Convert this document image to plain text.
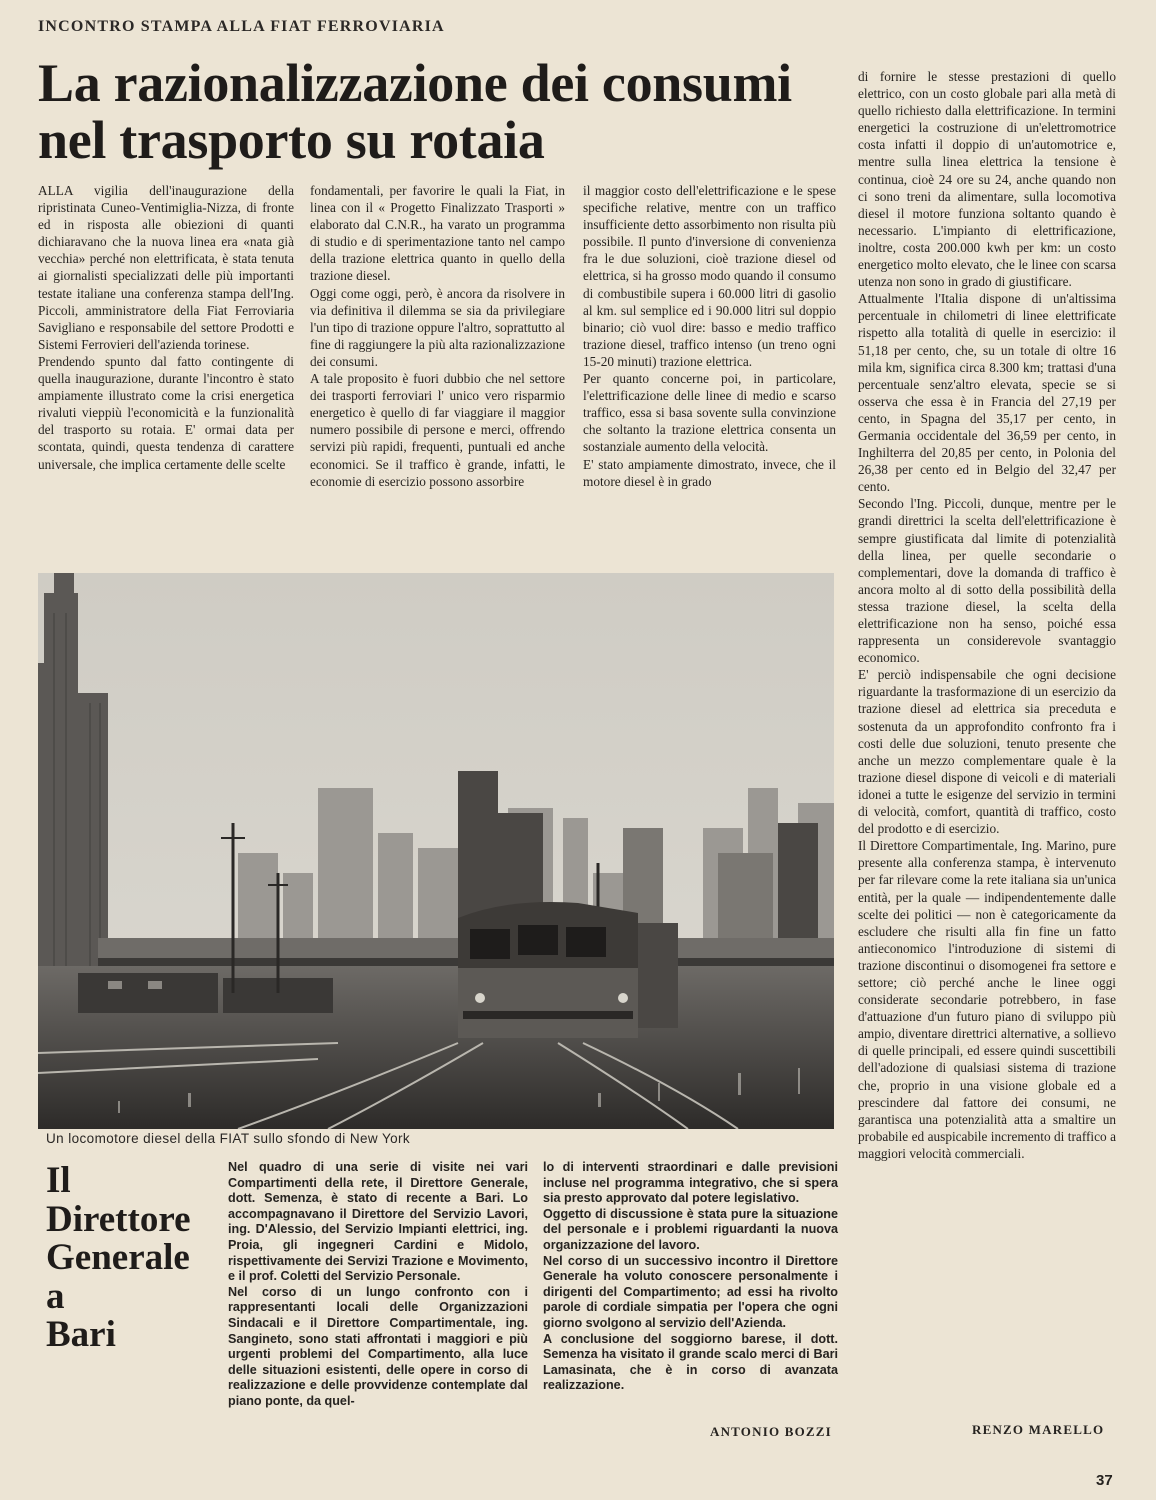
INCONTRO STAMPA ALLA FIAT FERROVIARIA
La razionalizzazione dei consumi nel trasporto su rotaia

ALLA vigilia dell'inaugurazione della ripristinata Cuneo-Ventimiglia-Nizza, di fronte ed in risposta alle obiezioni di quanti dichiaravano che la nuova linea era «nata già vecchia» perché non elettrificata, è stata tenuta ai giornalisti specializzati delle più importanti testate italiane una conferenza stampa dell'Ing. Piccoli, amministratore della Fiat Ferroviaria Savigliano e responsabile del settore Prodotti e Sistemi Ferrovieri dell'azienda torinese.

Prendendo spunto dal fatto contingente di quella inaugurazione, durante l'incontro è stato ampiamente illustrato come la crisi energetica rivaluti vieppiù l'economicità e la funzionalità del trasporto su rotaia. E' ormai data per scontata, quindi, questa tendenza di carattere universale, che implica certamente delle scelte

fondamentali, per favorire le quali la Fiat, in linea con il « Progetto Finalizzato Trasporti » elaborato dal C.N.R., ha varato un programma di studio e di sperimentazione tanto nel campo della trazione elettrica quanto in quello della trazione diesel.

Oggi come oggi, però, è ancora da risolvere in via definitiva il dilemma se sia da privilegiare l'un tipo di trazione oppure l'altro, soprattutto al fine di raggiungere la più alta razionalizzazione dei consumi.

A tale proposito è fuori dubbio che nel settore dei trasporti ferroviari l' unico vero risparmio energetico è quello di far viaggiare il maggior numero possibile di persone e merci, offrendo servizi più rapidi, frequenti, puntuali ed anche economici. Se il traffico è grande, infatti, le economie di esercizio possono assorbire

il maggior costo dell'elettrificazione e le spese specifiche relative, mentre con un traffico insufficiente detto assorbimento non risulta più possibile. Il punto d'inversione di convenienza fra le due soluzioni, cioè trazione diesel od elettrica, si ha grosso modo quando il consumo di combustibile supera i 60.000 litri di gasolio al km. sul semplice ed i 90.000 litri sul doppio binario; ciò vuol dire: basso e medio traffico trazione diesel, traffico intenso (un treno ogni 15-20 minuti) trazione elettrica.

Per quanto concerne poi, in particolare, l'elettrificazione delle linee di medio e scarso traffico, essa si basa sovente sulla convinzione che soltanto la trazione elettrica consenta un sostanziale aumento della velocità.

E' stato ampiamente dimostrato, invece, che il motore diesel è in grado

di fornire le stesse prestazioni di quello elettrico, con un costo globale pari alla metà di quello richiesto dalla elettrificazione. In termini energetici la costruzione di un'elettromotrice costa infatti il doppio di un'automotrice e, mentre sulla linea elettrica la tensione è continua, cioè 24 ore su 24, anche quando non ci sono treni da alimentare, sulla locomotiva diesel il motore funziona soltanto quando è necessario. L'impianto di elettrificazione, inoltre, costa 200.000 kwh per km: un costo energetico molto elevato, che le linee con scarsa utenza non sono in grado di giustificare.

Attualmente l'Italia dispone di un'altissima percentuale in chilometri di linee elettrificate rispetto alla totalità di quelle in esercizio: il 51,18 per cento, che, su un totale di oltre 16 mila km, significa circa 8.300 km; trattasi d'una percentuale senz'altro elevata, specie se si osserva che essa è in Francia del 27,19 per cento, in Spagna del 35,17 per cento, in Germania occidentale del 36,59 per cento, in Inghilterra del 20,85 per cento, in Polonia del 26,38 per cento ed in Belgio del 32,47 per cento.

Secondo l'Ing. Piccoli, dunque, mentre per le grandi direttrici la scelta dell'elettrificazione è sempre giustificata dal limite di potenzialità della linea, per quelle secondarie o complementari, dove la domanda di traffico è ancora molto al di sotto della possibilità della stessa trazione diesel, la scelta della elettrificazione non ha senso, poiché essa rappresenta un considerevole svantaggio economico.

E' perciò indispensabile che ogni decisione riguardante la trasformazione di un esercizio da trazione diesel ad elettrica sia preceduta e sostenuta da un approfondito confronto fra i costi delle due soluzioni, tenuto presente che anche un mezzo complementare quale è la trazione diesel dispone di veicoli e di materiali idonei a tutte le esigenze del servizio in termini di velocità, comfort, quantità di traffico, costo del prodotto e di esercizio.

Il Direttore Compartimentale, Ing. Marino, pure presente alla conferenza stampa, è intervenuto per far rilevare come la rete italiana sia un'unica entità, per la quale — indipendentemente dalle scelte dei politici — non è categoricamente da escludere che risulti alla fin fine un fatto antieconomico l'introduzione di sistemi di trazione discontinui o disomogenei fra settore e settore; ciò perché anche le linee oggi considerate secondarie potrebbero, in fase d'attuazione d'un futuro piano di sviluppo più ampio, diventare direttrici alternative, a sollievo di quelle principali, ed essere quindi suscettibili dell'adozione di qualsiasi sistema di trazione che, proprio in una visione globale ed a prescindere dal fattore dei consumi, ne garantisca una potenzialità atta a smaltire un probabile ed auspicabile incremento di traffico a maggiori velocità commerciali.

Un locomotore diesel della FIAT sullo sfondo di New York
Il
Direttore
Generale
a
Bari

Nel quadro di una serie di visite nei vari Compartimenti della rete, il Direttore Generale, dott. Semenza, è stato di recente a Bari. Lo accompagnavano il Direttore del Servizio Lavori, ing. D'Alessio, del Servizio Impianti elettrici, ing. Proia, gli ingegneri Cardini e Midolo, rispettivamente dei Servizi Trazione e Movimento, e il prof. Coletti del Servizio Personale.

Nel corso di un lungo confronto con i rappresentanti locali delle Organizzazioni Sindacali e il Direttore Compartimentale, ing. Sangineto, sono stati affrontati i maggiori e più urgenti problemi del Compartimento, alla luce delle situazioni esistenti, delle opere in corso di realizzazione e delle provvidenze contemplate dal piano ponte, da quel-

lo di interventi straordinari e dalle previsioni incluse nel programma integrativo, che si spera sia presto approvato dal potere legislativo.

Oggetto di discussione è stata pure la situazione del personale e i problemi riguardanti la nuova organizzazione del lavoro.

Nel corso di un successivo incontro il Direttore Generale ha voluto conoscere personalmente i dirigenti del Compartimento; ad essi ha rivolto parole di cordiale simpatia per l'opera che ogni giorno svolgono al servizio dell'Azienda.

A conclusione del soggiorno barese, il dott. Semenza ha visitato il grande scalo merci di Bari Lamasinata, che è in corso di avanzata realizzazione.

ANTONIO BOZZI	RENZO MARELLO
37
